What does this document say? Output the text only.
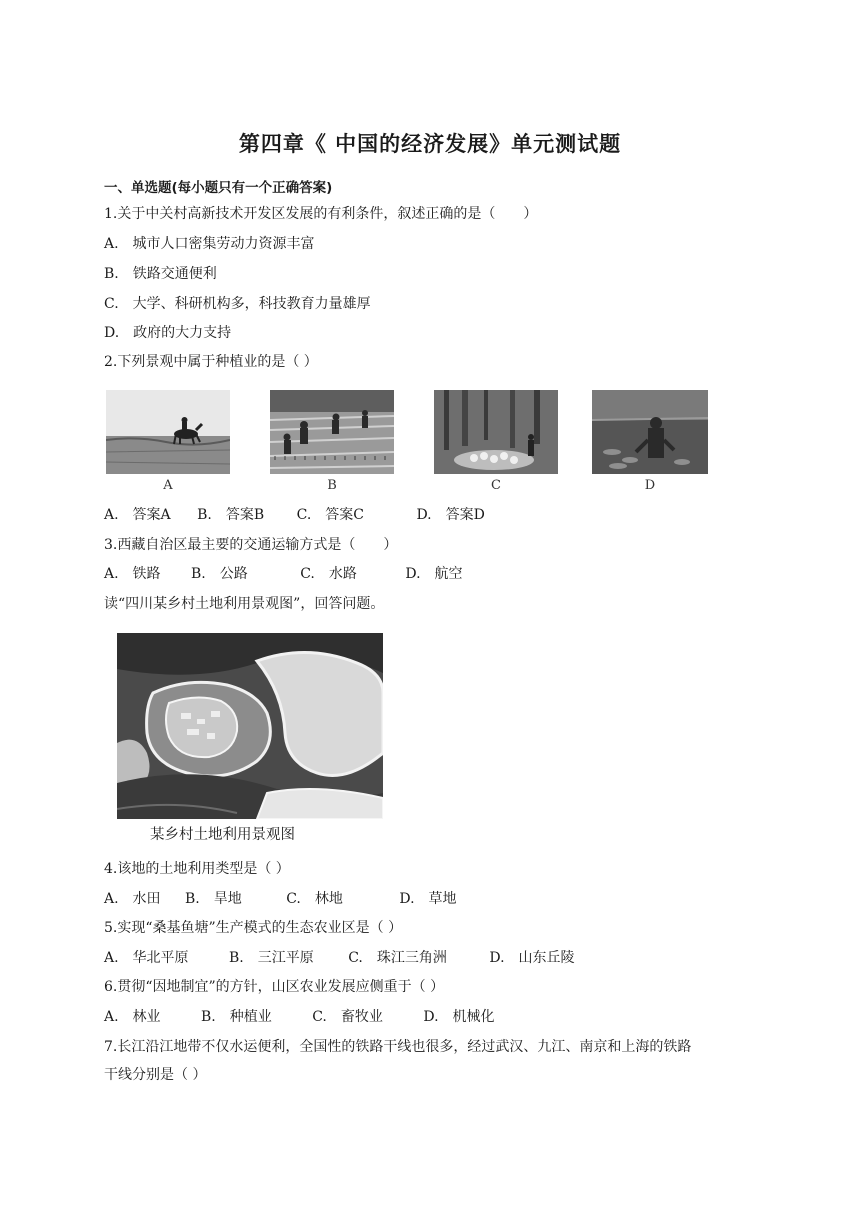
第四章《 中国的经济发展》单元测试题
一、单选题(每小题只有一个正确答案)
1.关于中关村高新技术开发区发展的有利条件，叙述正确的是（　　）
A.　城市人口密集劳动力资源丰富
B.　铁路交通便利
C.　大学、科研机构多，科技教育力量雄厚
D.　政府的大力支持
2.下列景观中属于种植业的是（ ）
A	B	C	D
A.　答案A B.　答案B C.　答案C	D.　答案D
3.西藏自治区最主要的交通运输方式是（　　）
A.　铁路 B.　公路	C.　水路	D.　航空
读“四川某乡村土地利用景观图”，回答问题。
某乡村土地利用景观图
4.该地的土地利用类型是（ ）
A.　水田 B.　旱地	C.　林地	D.　草地
5.实现“桑基鱼塘”生产模式的生态农业区是（ ）
A.　华北平原	B.　三江平原 C.　珠江三角洲	D.　山东丘陵
6.贯彻“因地制宜”的方针，山区农业发展应侧重于（ ）
A.　林业	B.　种植业	C.　畜牧业	D.　机械化
7.长江沿江地带不仅水运便利，全国性的铁路干线也很多，经过武汉、九江、南京和上海的铁路
干线分别是（ ）
